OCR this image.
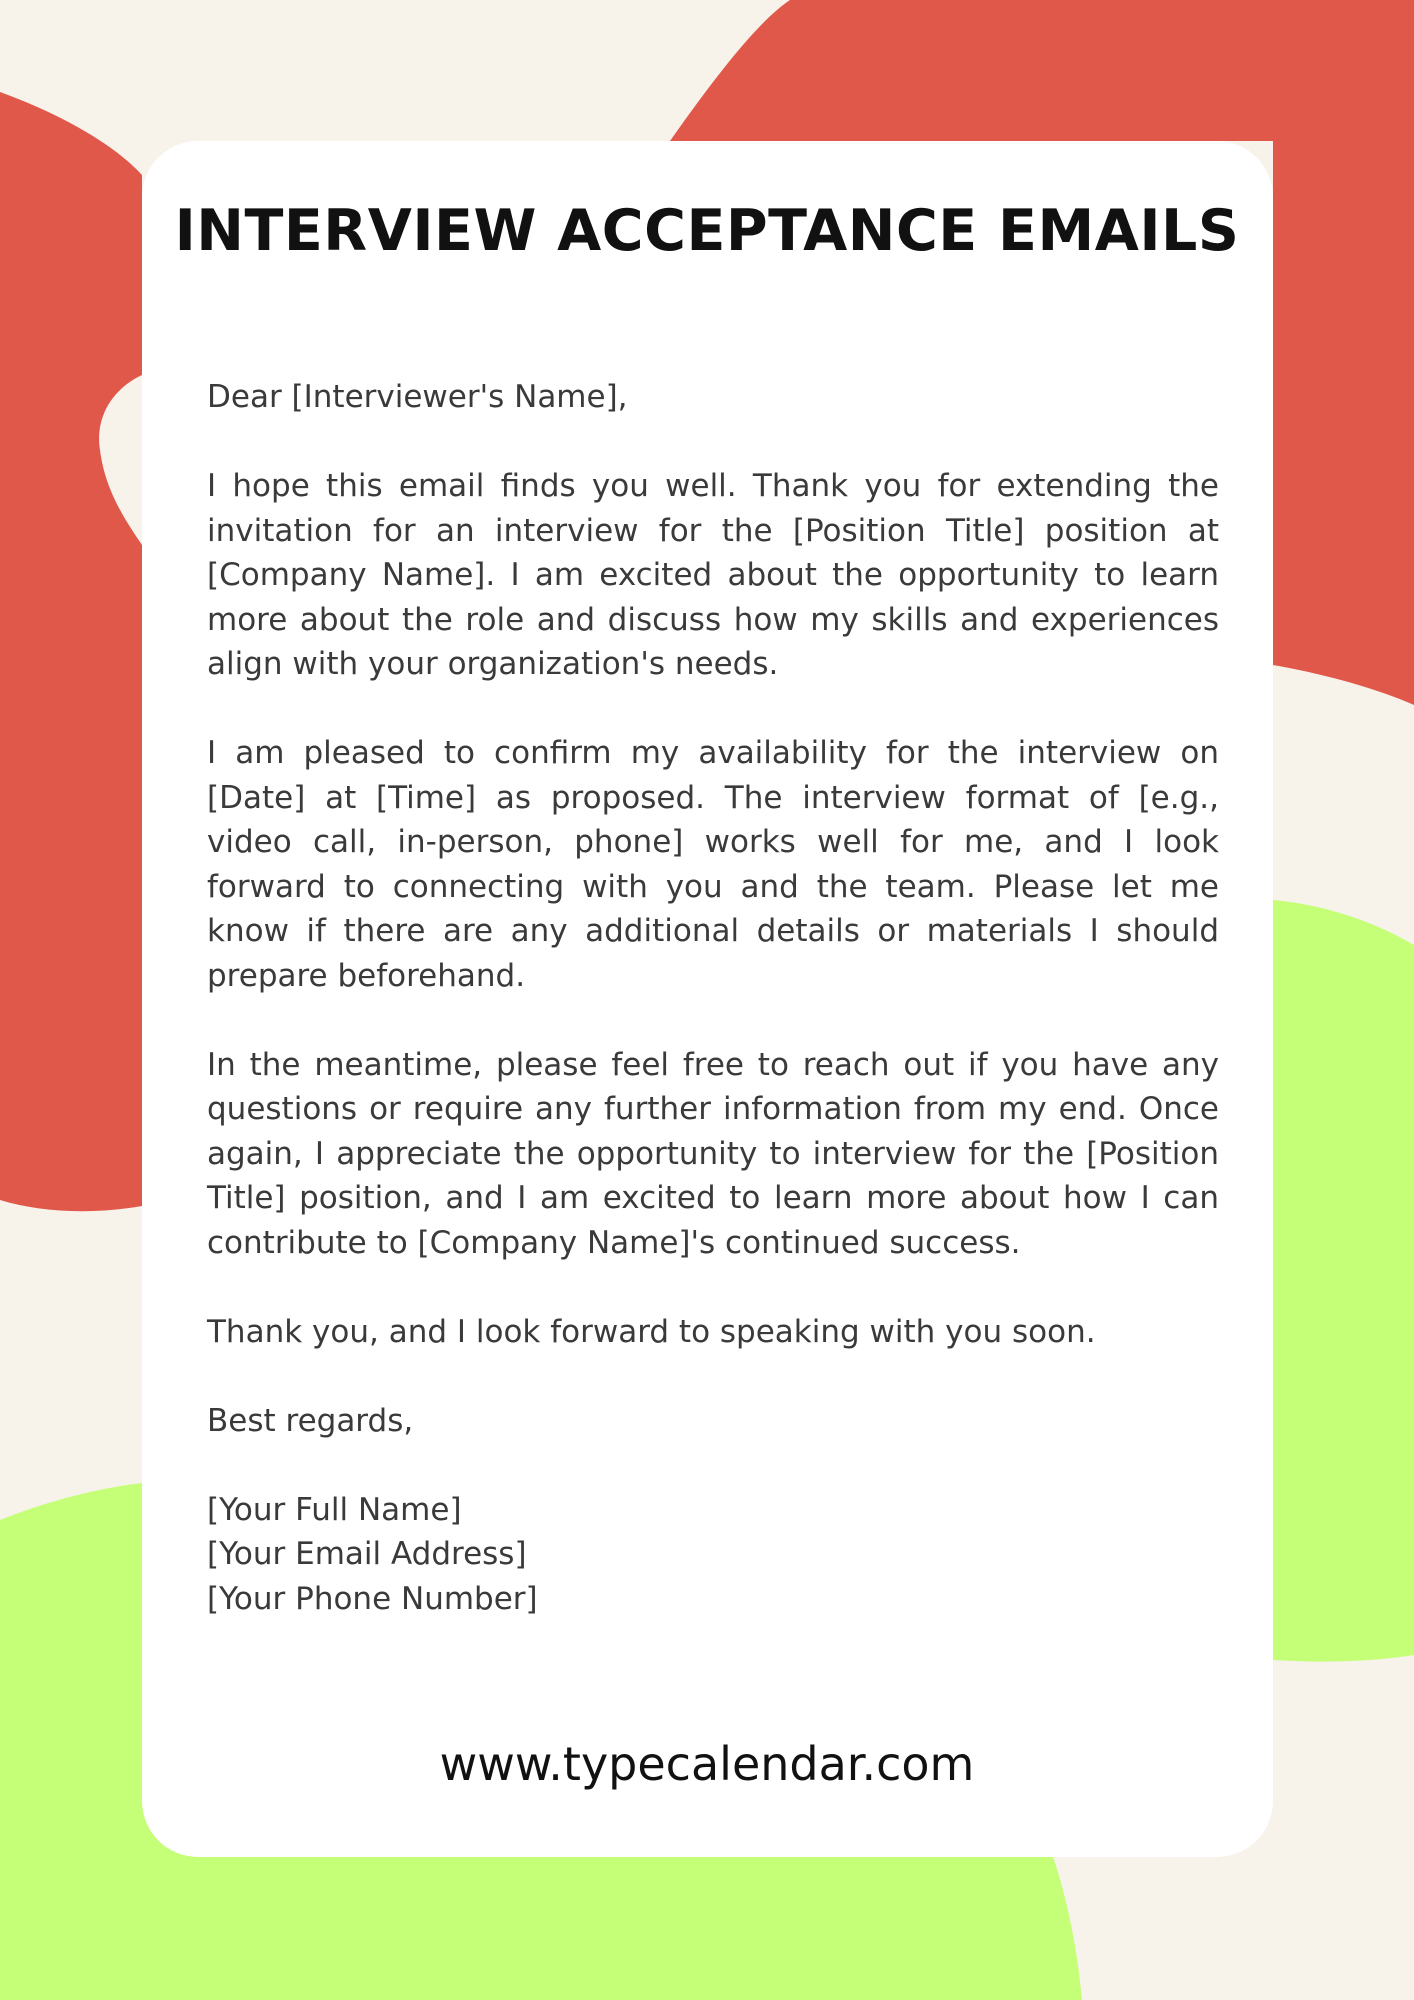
INTERVIEW ACCEPTANCE EMAILS

Dear [Interviewer's Name],

I hope this email finds you well. Thank you for extending the invitation for an interview for the [Position Title] position at [Company Name]. I am excited about the opportunity to learn more about the role and discuss how my skills and experiences align with your organization's needs.

I am pleased to confirm my availability for the interview on [Date] at [Time] as proposed. The interview format of [e.g., video call, in-person, phone] works well for me, and I look forward to connecting with you and the team. Please let me know if there are any additional details or materials I should prepare beforehand.

In the meantime, please feel free to reach out if you have any questions or require any further information from my end. Once again, I appreciate the opportunity to interview for the [Position Title] position, and I am excited to learn more about how I can contribute to [Company Name]'s continued success.

Thank you, and I look forward to speaking with you soon.

Best regards,

[Your Full Name]

[Your Email Address]

[Your Phone Number]

www.typecalendar.com
